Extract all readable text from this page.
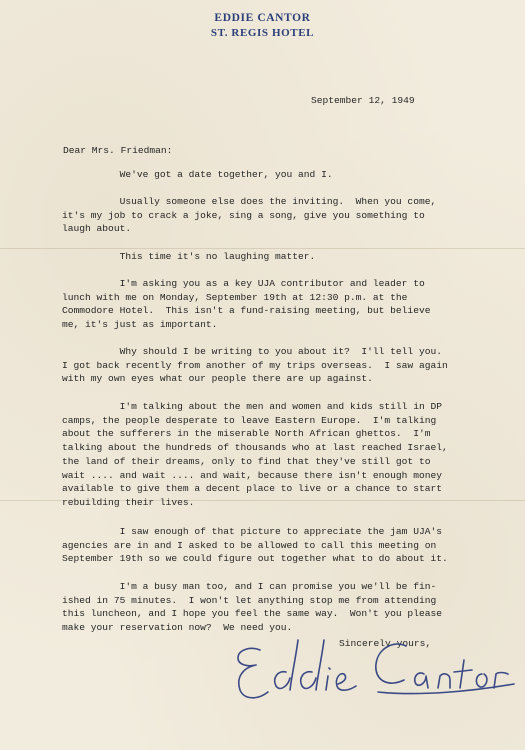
EDDIE CANTOR
ST. REGIS HOTEL
September 12, 1949
Dear Mrs. Friedman:
We've got a date together, you and I.
Usually someone else does the inviting.  When you come,
it's my job to crack a joke, sing a song, give you something to
laugh about.
This time it's no laughing matter.
I'm asking you as a key UJA contributor and leader to
lunch with me on Monday, September 19th at 12:30 p.m. at the
Commodore Hotel.  This isn't a fund-raising meeting, but believe
me, it's just as important.
Why should I be writing to you about it?  I'll tell you.
I got back recently from another of my trips overseas.  I saw again
with my own eyes what our people there are up against.
I'm talking about the men and women and kids still in DP
camps, the people desperate to leave Eastern Europe.  I'm talking
about the sufferers in the miserable North African ghettos.  I'm
talking about the hundreds of thousands who at last reached Israel,
the land of their dreams, only to find that they've still got to
wait .... and wait .... and wait, because there isn't enough money
available to give them a decent place to live or a chance to start
rebuilding their lives.
I saw enough of that picture to appreciate the jam UJA's
agencies are in and I asked to be allowed to call this meeting on
September 19th so we could figure out together what to do about it.
I'm a busy man too, and I can promise you we'll be fin-
ished in 75 minutes.  I won't let anything stop me from attending
this luncheon, and I hope you feel the same way.  Won't you please
make your reservation now?  We need you.
Sincerely yours,
